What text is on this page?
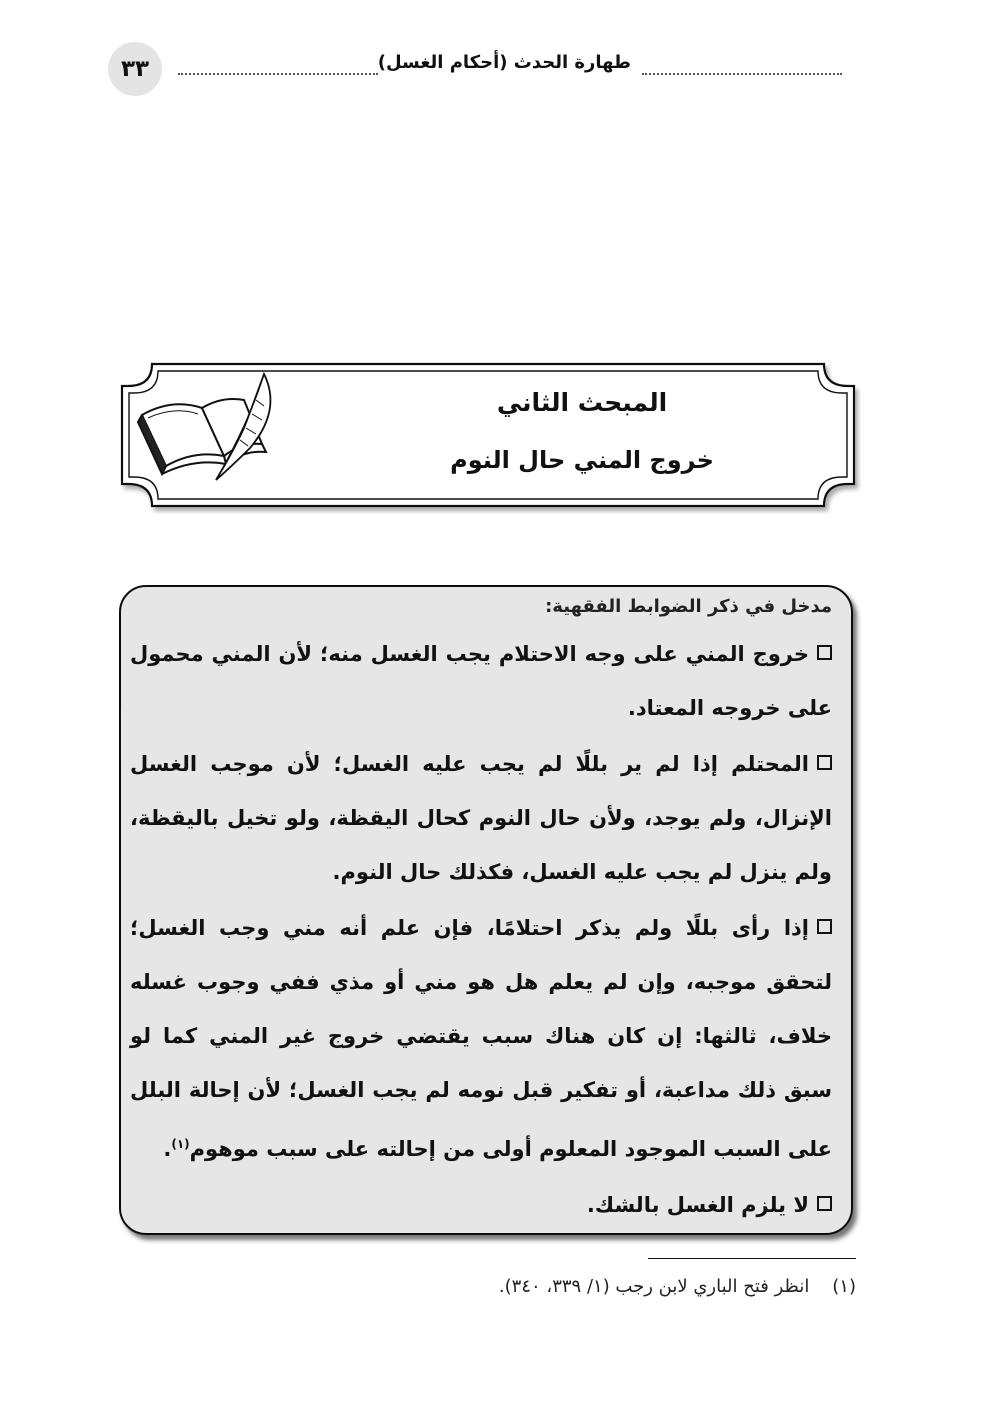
٣٣	طهارة الحدث (أحكام الغسل)
المبحث الثاني
خروج المني حال النوم
مدخل في ذكر الضوابط الفقهية:

خروج المني على وجه الاحتلام يجب الغسل منه؛ لأن المني محمول على خروجه المعتاد.

المحتلم إذا لم ير بللًا لم يجب عليه الغسل؛ لأن موجب الغسل الإنزال، ولم يوجد، ولأن حال النوم كحال اليقظة، ولو تخيل باليقظة، ولم ينزل لم يجب عليه الغسل، فكذلك حال النوم.

إذا رأى بللًا ولم يذكر احتلامًا، فإن علم أنه مني وجب الغسل؛ لتحقق موجبه، وإن لم يعلم هل هو مني أو مذي ففي وجوب غسله خلاف، ثالثها: إن كان هناك سبب يقتضي خروج غير المني كما لو سبق ذلك مداعبة، أو تفكير قبل نومه لم يجب الغسل؛ لأن إحالة البلل على السبب الموجود المعلوم أولى من إحالته على سبب موهوم$^{(١)}$.

لا يلزم الغسل بالشك.

(١)    انظر فتح الباري لابن رجب (١/ ٣٣٩، ٣٤٠).
